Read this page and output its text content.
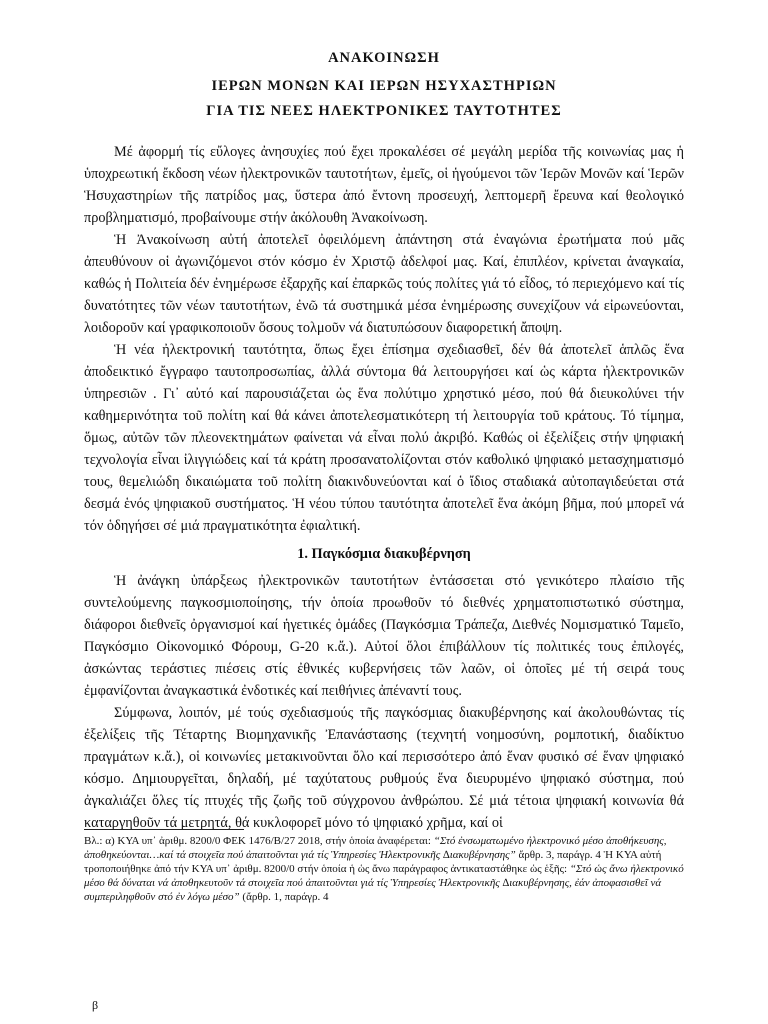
ΑΝΑΚΟΙΝΩΣΗ
ΙΕΡΩΝ ΜΟΝΩΝ ΚΑΙ ΙΕΡΩΝ ΗΣΥΧΑΣΤΗΡΙΩΝ
ΓΙΑ ΤΙΣ ΝΕΕΣ ΗΛΕΚΤΡΟΝΙΚΕΣ ΤΑΥΤΟΤΗΤΕΣ

Μέ ἀφορμή τίς εὔλογες ἀνησυχίες πού ἔχει προκαλέσει σέ μεγάλη μερίδα τῆς κοινωνίας μας ἡ ὑποχρεωτική ἔκδοση νέων ἠλεκτρονικῶν ταυτοτήτων, ἐμεῖς, οἱ ἡγούμενοι τῶν Ἱερῶν Μονῶν καί Ἱερῶν Ἡσυχαστηρίων τῆς πατρίδος μας, ὕστερα ἀπό ἔντονη προσευχή, λεπτομερῆ ἔρευνα καί θεολογικό προβληματισμό, προβαίνουμε στήν ἀκόλουθη Ἀνακοίνωση.

Ἡ Ἀνακοίνωση αὐτή ἀποτελεῖ ὀφειλόμενη ἀπάντηση στά ἐναγώνια ἐρωτήματα πού μᾶς ἀπευθύνουν οἱ ἀγωνιζόμενοι στόν κόσμο ἐν Χριστῷ ἀδελφοί μας. Καί, ἐπιπλέον, κρίνεται ἀναγκαία, καθώς ἡ Πολιτεία δέν ἐνημέρωσε ἐξαρχῆς καί ἐπαρκῶς τούς πολίτες γιά τό εἶδος, τό περιεχόμενο καί τίς δυνατότητες τῶν νέων ταυτοτήτων, ἐνῶ τά συστημικά μέσα ἐνημέρωσης συνεχίζουν νά εἰρωνεύονται, λοιδοροῦν καί γραφικοποιοῦν ὅσους τολμοῦν νά διατυπώσουν διαφορετική ἄποψη.

Ἡ νέα ἠλεκτρονική ταυτότητα, ὅπως ἔχει ἐπίσημα σχεδιασθεῖ, δέν θά ἀποτελεῖ ἁπλῶς ἕνα ἀποδεικτικό ἔγγραφο ταυτοπροσωπίας, ἀλλά σύντομα θά λειτουργήσει καί ὡς κάρτα ἠλεκτρονικῶν ὑπηρεσιῶν . Γι᾿ αὐτό καί παρουσιάζεται ὡς ἕνα πολύτιμο χρηστικό μέσο, πού θά διευκολύνει τήν καθημερινότητα τοῦ πολίτη καί θά κάνει ἀποτελεσματικότερη τή λειτουργία τοῦ κράτους. Τό τίμημα, ὅμως, αὐτῶν τῶν πλεονεκτημάτων φαίνεται νά εἶναι πολύ ἀκριβό. Καθώς οἱ ἐξελίξεις στήν ψηφιακή τεχνολογία εἶναι ἰλιγγιώδεις καί τά κράτη προσανατολίζονται στόν καθολικό ψηφιακό μετασχηματισμό τους, θεμελιώδη δικαιώματα τοῦ πολίτη διακινδυνεύονται καί ὁ ἴδιος σταδιακά αὐτοπαγιδεύεται στά δεσμά ἑνός ψηφιακοῦ συστήματος. Ἡ νέου τύπου ταυτότητα ἀποτελεῖ ἕνα ἀκόμη βῆμα, πού μπορεῖ νά τόν ὁδηγήσει σέ μιά πραγματικότητα ἐφιαλτική.

1. Παγκόσμια διακυβέρνηση

Ἡ ἀνάγκη ὑπάρξεως ἠλεκτρονικῶν ταυτοτήτων ἐντάσσεται στό γενικότερο πλαίσιο τῆς συντελούμενης παγκοσμιοποίησης, τήν ὁποία προωθοῦν τό διεθνές χρηματοπιστωτικό σύστημα, διάφοροι διεθνεῖς ὀργανισμοί καί ἡγετικές ὁμάδες (Παγκόσμια Τράπεζα, Διεθνές Νομισματικό Ταμεῖο, Παγκόσμιο Οἰκονομικό Φόρουμ, G-20 κ.ἄ.). Αὐτοί ὅλοι ἐπιβάλλουν τίς πολιτικές τους ἐπιλογές, ἀσκώντας τεράστιες πιέσεις στίς ἐθνικές κυβερνήσεις τῶν λαῶν, οἱ ὁποῖες μέ τή σειρά τους ἐμφανίζονται ἀναγκαστικά ἐνδοτικές καί πειθήνιες ἀπέναντί τους.

Σύμφωνα, λοιπόν, μέ τούς σχεδιασμούς τῆς παγκόσμιας διακυβέρνησης καί ἀκολουθώντας τίς ἐξελίξεις τῆς Τέταρτης Βιομηχανικῆς Ἐπανάστασης (τεχνητή νοημοσύνη, ρομποτική, διαδίκτυο πραγμάτων κ.ἄ.), οἱ κοινωνίες μετακινοῦνται ὅλο καί περισσότερο ἀπό ἕναν φυσικό σέ ἕναν ψηφιακό κόσμο. Δημιουργεῖται, δηλαδή, μέ ταχύτατους ρυθμούς ἕνα διευρυμένο ψηφιακό σύστημα, πού ἀγκαλιάζει ὅλες τίς πτυχές τῆς ζωῆς τοῦ σύγχρονου ἀνθρώπου. Σέ μιά τέτοια ψηφιακή κοινωνία θά καταργηθοῦν τά μετρητά, θά κυκλοφορεῖ μόνο τό ψηφιακό χρῆμα, καί οἱ

Βλ.: α) ΚΥΑ υπ᾿ ἀριθμ. 8200/0 ΦΕΚ 1476/Β/27 2018, στήν ὁποία ἀναφέρεται: “Στό ἐνσωματωμένο ἠλεκτρονικό μέσο ἀποθήκευσης, ἀποθηκεύονται…καί τά στοιχεῖα πού ἀπαιτοῦνται γιά τίς Ὑπηρεσίες Ἠλεκτρονικῆς ∆ιακυβέρνησης” ἄρθρ. 3, παράγρ. 4 Ἡ ΚΥΑ αὐτή τροποποιήθηκε ἀπό τήν ΚΥΑ υπ᾿ ἀριθμ. 8200/0 στήν ὁποία ἡ ὡς ἄνω παράγραφος ἀντικαταστάθηκε ὡς ἑξῆς: “Στό ὡς ἄνω ἠλεκτρονικό μέσο θά δύναται νά ἀποθηκευτοῦν τά στοιχεῖα πού ἀπαιτοῦνται γιά τίς Ὑπηρεσίες Ἠλεκτρονικῆς ∆ιακυβέρνησης, ἐάν ἀποφασισθεῖ νά συμπεριληφθοῦν στό ἐν λόγω μέσο” (ἄρθρ. 1, παράγρ. 4
β
